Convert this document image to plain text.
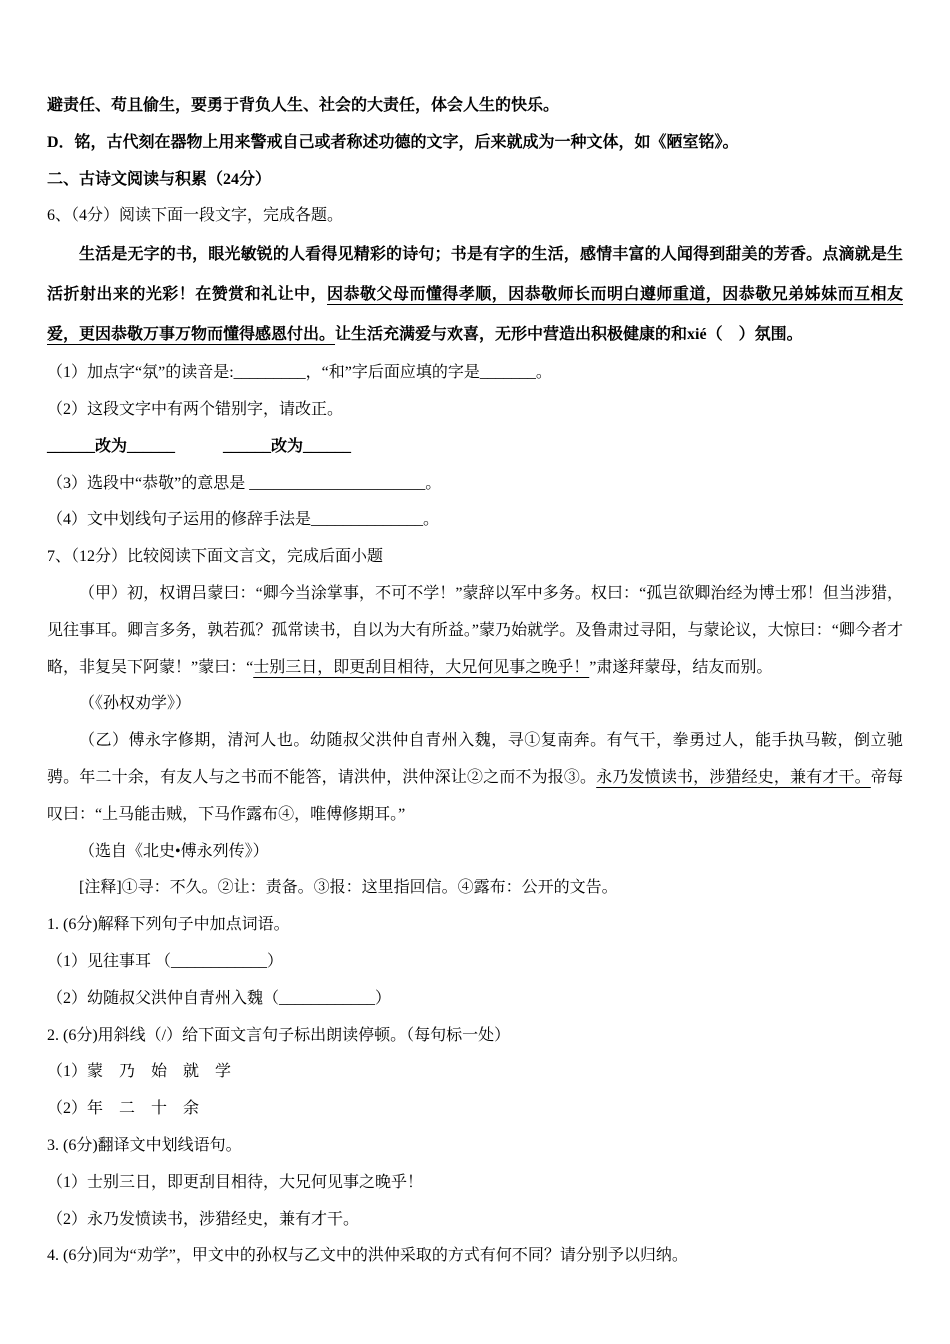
避责任、苟且偷生，要勇于背负人生、社会的大责任，体会人生的快乐。

D．铭，古代刻在器物上用来警戒自己或者称述功德的文字，后来就成为一种文体，如《陋室铭》。

二、古诗文阅读与积累（24分）

6、（4分）阅读下面一段文字，完成各题。

生活是无字的书，眼光敏锐的人看得见精彩的诗句；书是有字的生活，感情丰富的人闻得到甜美的芳香。点滴就是生活折射出来的光彩！在赞赏和礼让中，因恭敬父母而懂得孝顺，因恭敬师长而明白遵师重道，因恭敬兄弟姊妹而互相友爱，更因恭敬万事万物而懂得感恩付出。让生活充满爱与欢喜，无形中营造出积极健康的和xié（　）氛围。

（1）加点字“氛”的读音是:_________，“和”字后面应填的字是_______。

（2）这段文字中有两个错别字，请改正。

______改为______　　　______改为______

（3）选段中“恭敬”的意思是 ______________________。

（4）文中划线句子运用的修辞手法是______________。

7、（12分）比较阅读下面文言文，完成后面小题

（甲）初，权谓吕蒙曰：“卿今当涂掌事，不可不学！”蒙辞以军中多务。权曰：“孤岂欲卿治经为博士邪！但当涉猎，见往事耳。卿言多务，孰若孤？孤常读书，自以为大有所益。”蒙乃始就学。及鲁肃过寻阳，与蒙论议，大惊曰：“卿今者才略，非复吴下阿蒙！”蒙曰：“士别三日，即更刮目相待，大兄何见事之晚乎！”肃遂拜蒙母，结友而别。

（《孙权劝学》）

（乙）傅永字修期，清河人也。幼随叔父洪仲自青州入魏，寻①复南奔。有气干，拳勇过人，能手执马鞍，倒立驰骋。年二十余，有友人与之书而不能答，请洪仲，洪仲深让②之而不为报③。永乃发愤读书，涉猎经史，兼有才干。帝每叹曰：“上马能击贼，下马作露布④，唯傅修期耳。”

（选自《北史•傅永列传》）

[注释]①寻：不久。②让：责备。③报：这里指回信。④露布：公开的文告。

1. (6分)解释下列句子中加点词语。

（1）见往事耳 （____________）

（2）幼随叔父洪仲自青州入魏（____________）

2. (6分)用斜线（/）给下面文言句子标出朗读停顿。（每句标一处）

（1）蒙　乃　始　就　学

（2）年　二　十　余

3. (6分)翻译文中划线语句。

（1）士别三日，即更刮目相待，大兄何见事之晚乎！

（2）永乃发愤读书，涉猎经史，兼有才干。

4. (6分)同为“劝学”，甲文中的孙权与乙文中的洪仲采取的方式有何不同？请分别予以归纳。
